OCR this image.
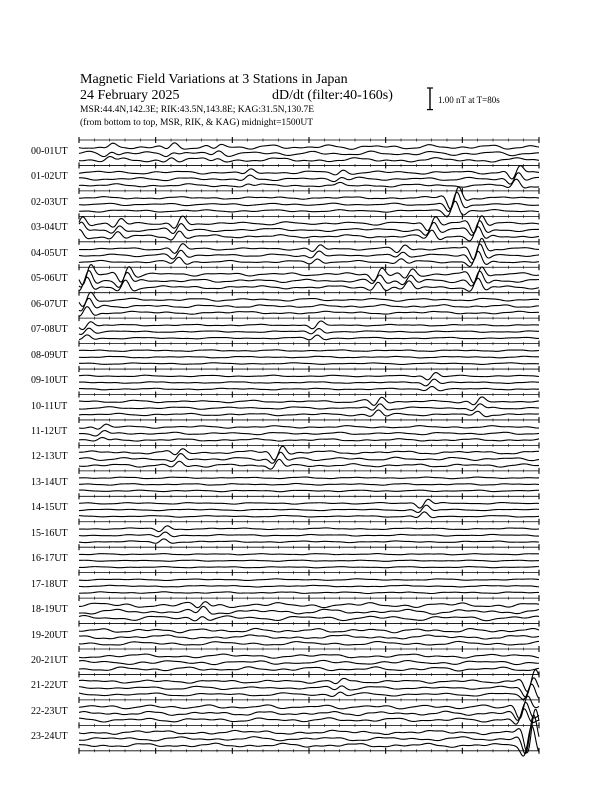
Magnetic Field Variations at 3 Stations in Japan
24 February 2025	dD/dt (filter:40-160s)
MSR:44.4N,142.3E; RIK:43.5N,143.8E; KAG:31.5N,130.7E
(from bottom to top, MSR, RIK, & KAG) midnight=1500UT
1.00 nT at T=80s
00-01UT
01-02UT
02-03UT
03-04UT
04-05UT
05-06UT
06-07UT
07-08UT
08-09UT
09-10UT
10-11UT
11-12UT
12-13UT
13-14UT
14-15UT
15-16UT
16-17UT
17-18UT
18-19UT
19-20UT
20-21UT
21-22UT
22-23UT
23-24UT
